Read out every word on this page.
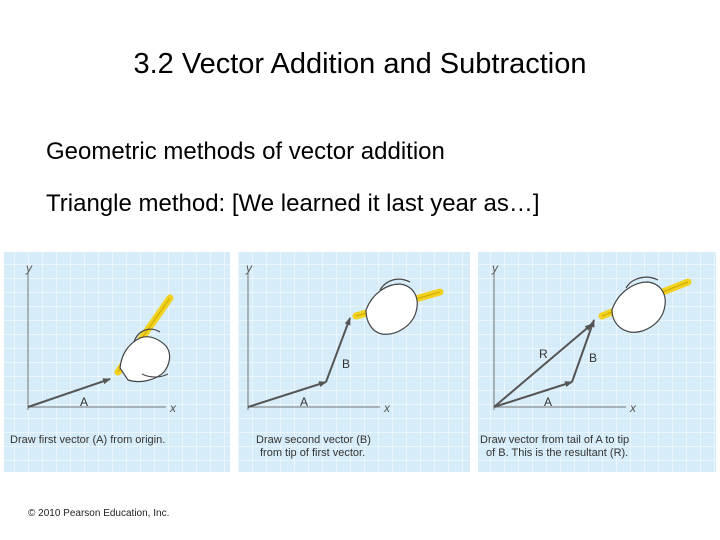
3.2 Vector Addition and Subtraction
Geometric methods of vector addition
Triangle method: [We learned it last year as…]
y
x
A
Draw first vector (A) from origin.
y
x
A
B
Draw second vector (B)
from tip of first vector.
y
x
A
B
R
Draw vector from tail of A to tip
of B. This is the resultant (R).
© 2010 Pearson Education, Inc.
